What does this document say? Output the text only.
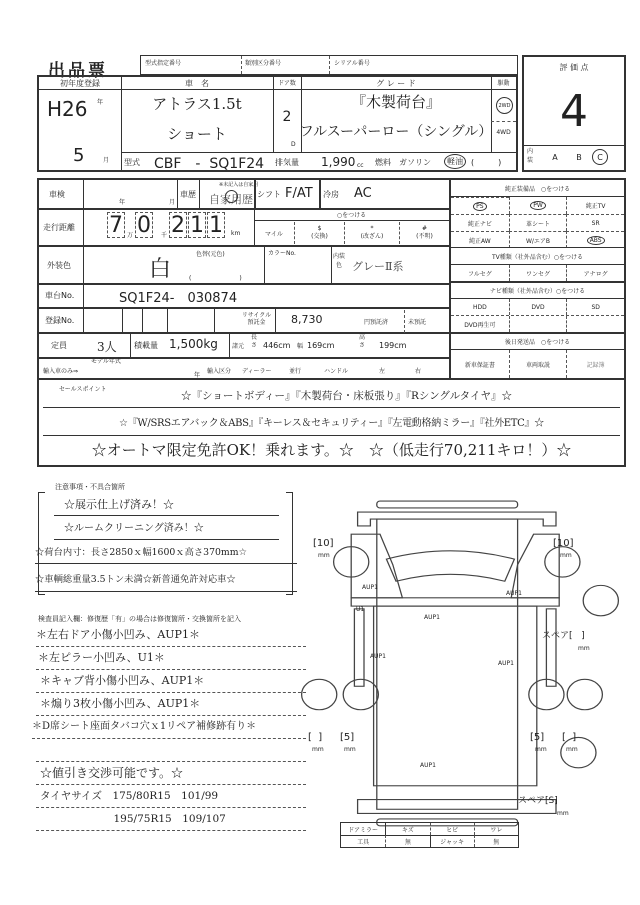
出品票	型式指定番号	類別区分番号	シリアル番号	評 価 点
4
内装	A	B	C
初年度登録
H26 年
5	月
車　名
アトラス1.5t
ショート
ドア数
2
D
グ レ ー ド
『木製荷台』
フルスーパーロー（シングル）
駆動
2WD
4WD
型式 CBF　-  SQ1F24 排気量 1,990 cc 燃料 ガソリン	軽油	(　　　)
車検
年	月
車歴
※未記入は自家用
自家用歴 シフト F/AT 冷房 AC
走行距離 7 万 0	千 2 1 1	km
○をつける
マイル
$
(交換)
*
(改ざん)
#
(不明)
外装色	白
色替(元色)
(　　　　　　　　)
カラーNo.	内装色 グレーⅡ系
車台No.	SQ1F24-　030874
登録No.
リサイクル預託金	8,730	円預託済	未預託
定員	3人 積載量 1,500kg 諸元
長さ 446cm 幅 169cm
高さ 199cm
輸入車のみ⇒
モデル年式
年
輸入区分 ディーラー	並行	ハンドル	左	右
純正装備品　○をつける
PS	PW	純正TV
純正ナビ	革シート	SR
純正AW	W/エアB	ABS
TV種類（社外品含む）○をつける
フルセグ	ワンセグ	アナログ
ナビ種類（社外品含む）○をつける
HDD	DVD	SD
DVD再生可
後日発送品　○をつける
新車保証書	車両取説	記録簿
セールスポイント	☆『ショートボディー』『木製荷台・床板張り』『Rシングルタイヤ』☆
☆『W/SRSエアバック＆ABS』『キーレス＆セキュリティー』『左電動格納ミラー』『社外ETC』☆
☆オートマ限定免許OK！乗れます。☆　☆（低走行70,211キロ！）☆
注意事項・不具合箇所
☆展示仕上げ済み！☆
☆ルームクリーニング済み！☆
☆荷台内寸：長さ2850ｘ幅1600ｘ高さ370mm☆
☆車輌総重量3.5トン未満☆新普通免許対応車☆
検査員記入欄：修復歴「有」の場合は修復箇所・交換箇所を記入
＊左右ドア小傷小凹み、AUP1＊
＊左ピラー小凹み、U1＊
＊キャブ背小傷小凹み、AUP1＊
＊煽り3枚小傷小凹み、AUP1＊
＊D席シート座面タバコ穴ｘ1リペア補修跡有り＊
☆値引き交渉可能です。☆
タイヤサイズ　175/80R15　101/99
　　　　　　　195/75R15　109/107
AUP1
AUP1
U1
AUP1
AUP1
AUP1
AUP1
[10]
mm
[10]
mm
[5]
mm
[  ]
mm
[5]
mm
[  ]
mm
スペア[   ]
mm
スペア[S]
mm
ドアミラー	キズ	ヒビ	ワレ
工具	無	ジャッキ	無
